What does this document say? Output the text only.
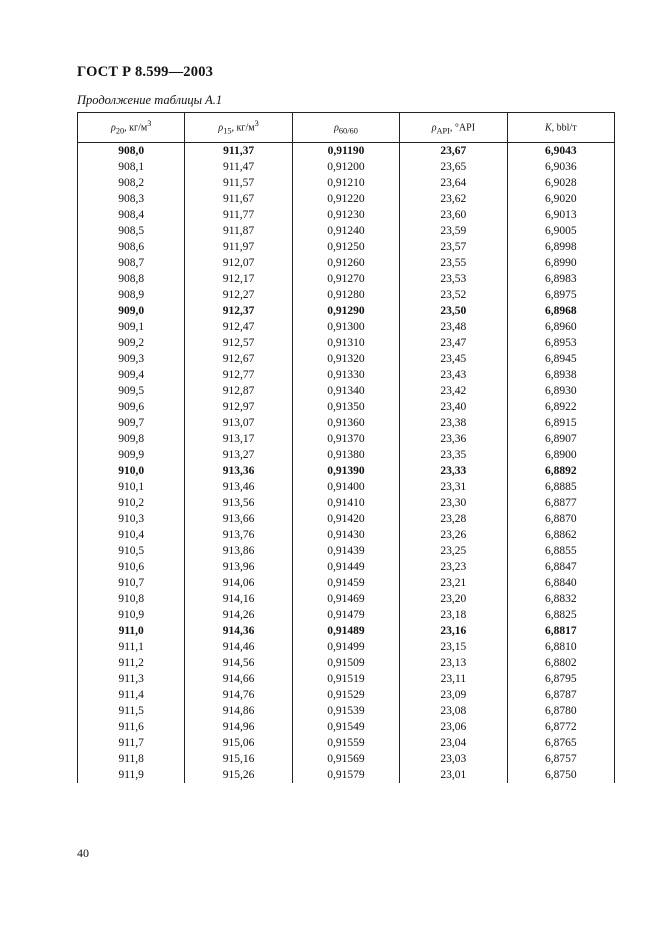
ГОСТ Р 8.599—2003
Продолжение таблицы А.1
$\rho_{20}$, $кг/м^3$	$\rho_{15}$, $кг/м^3$	$\rho_{60/60}$	$\rho_{API}$, °API	K, bbl/т
908,0	911,37	0,91190	23,67	6,9043
908,1	911,47	0,91200	23,65	6,9036
908,2	911,57	0,91210	23,64	6,9028
908,3	911,67	0,91220	23,62	6,9020
908,4	911,77	0,91230	23,60	6,9013
908,5	911,87	0,91240	23,59	6,9005
908,6	911,97	0,91250	23,57	6,8998
908,7	912,07	0,91260	23,55	6,8990
908,8	912,17	0,91270	23,53	6,8983
908,9	912,27	0,91280	23,52	6,8975
909,0	912,37	0,91290	23,50	6,8968
909,1	912,47	0,91300	23,48	6,8960
909,2	912,57	0,91310	23,47	6,8953
909,3	912,67	0,91320	23,45	6,8945
909,4	912,77	0,91330	23,43	6,8938
909,5	912,87	0,91340	23,42	6,8930
909,6	912,97	0,91350	23,40	6,8922
909,7	913,07	0,91360	23,38	6,8915
909,8	913,17	0,91370	23,36	6,8907
909,9	913,27	0,91380	23,35	6,8900
910,0	913,36	0,91390	23,33	6,8892
910,1	913,46	0,91400	23,31	6,8885
910,2	913,56	0,91410	23,30	6,8877
910,3	913,66	0,91420	23,28	6,8870
910,4	913,76	0,91430	23,26	6,8862
910,5	913,86	0,91439	23,25	6,8855
910,6	913,96	0,91449	23,23	6,8847
910,7	914,06	0,91459	23,21	6,8840
910,8	914,16	0,91469	23,20	6,8832
910,9	914,26	0,91479	23,18	6,8825
911,0	914,36	0,91489	23,16	6,8817
911,1	914,46	0,91499	23,15	6,8810
911,2	914,56	0,91509	23,13	6,8802
911,3	914,66	0,91519	23,11	6,8795
911,4	914,76	0,91529	23,09	6,8787
911,5	914,86	0,91539	23,08	6,8780
911,6	914,96	0,91549	23,06	6,8772
911,7	915,06	0,91559	23,04	6,8765
911,8	915,16	0,91569	23,03	6,8757
911,9	915,26	0,91579	23,01	6,8750
40
